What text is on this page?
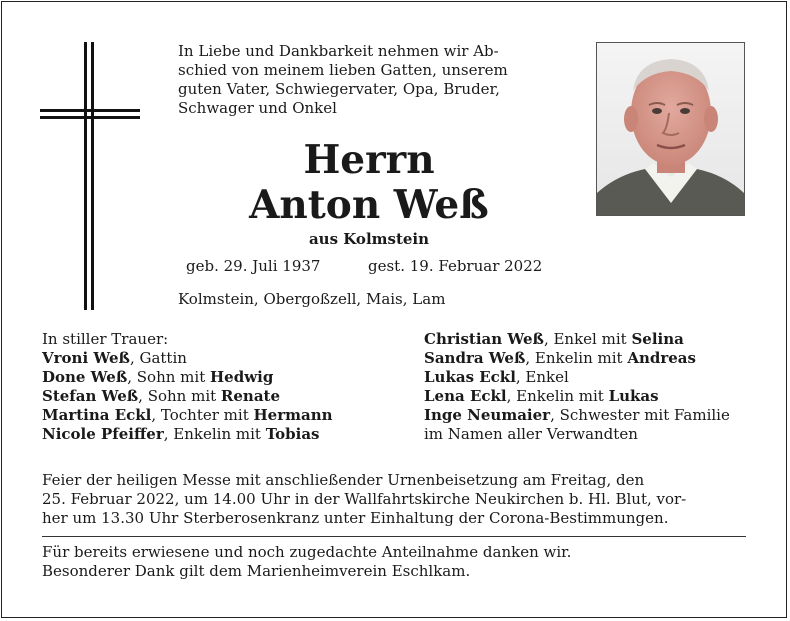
In Liebe und Dankbarkeit nehmen wir Ab-
schied von meinem lieben Gatten, unserem
guten Vater, Schwiegervater, Opa, Bruder,
Schwager und Onkel
Herrn
Anton Weß
aus Kolmstein
geb. 29. Juli 1937	gest. 19. Februar 2022
Kolmstein, Obergoßzell, Mais, Lam
In stiller Trauer:
Vroni Weß, Gattin
Done Weß, Sohn mit Hedwig
Stefan Weß, Sohn mit Renate
Martina Eckl, Tochter mit Hermann
Nicole Pfeiffer, Enkelin mit Tobias
Christian Weß, Enkel mit Selina
Sandra Weß, Enkelin mit Andreas
Lukas Eckl, Enkel
Lena Eckl, Enkelin mit Lukas
Inge Neumaier, Schwester mit Familie
im Namen aller Verwandten
Feier der heiligen Messe mit anschließender Urnenbeisetzung am Freitag, den
25. Februar 2022, um 14.00 Uhr in der Wallfahrtskirche Neukirchen b. Hl. Blut, vor-
her um 13.30 Uhr Sterberosenkranz unter Einhaltung der Corona-Bestimmungen.
Für bereits erwiesene und noch zugedachte Anteilnahme danken wir.
Besonderer Dank gilt dem Marienheimverein Eschlkam.
